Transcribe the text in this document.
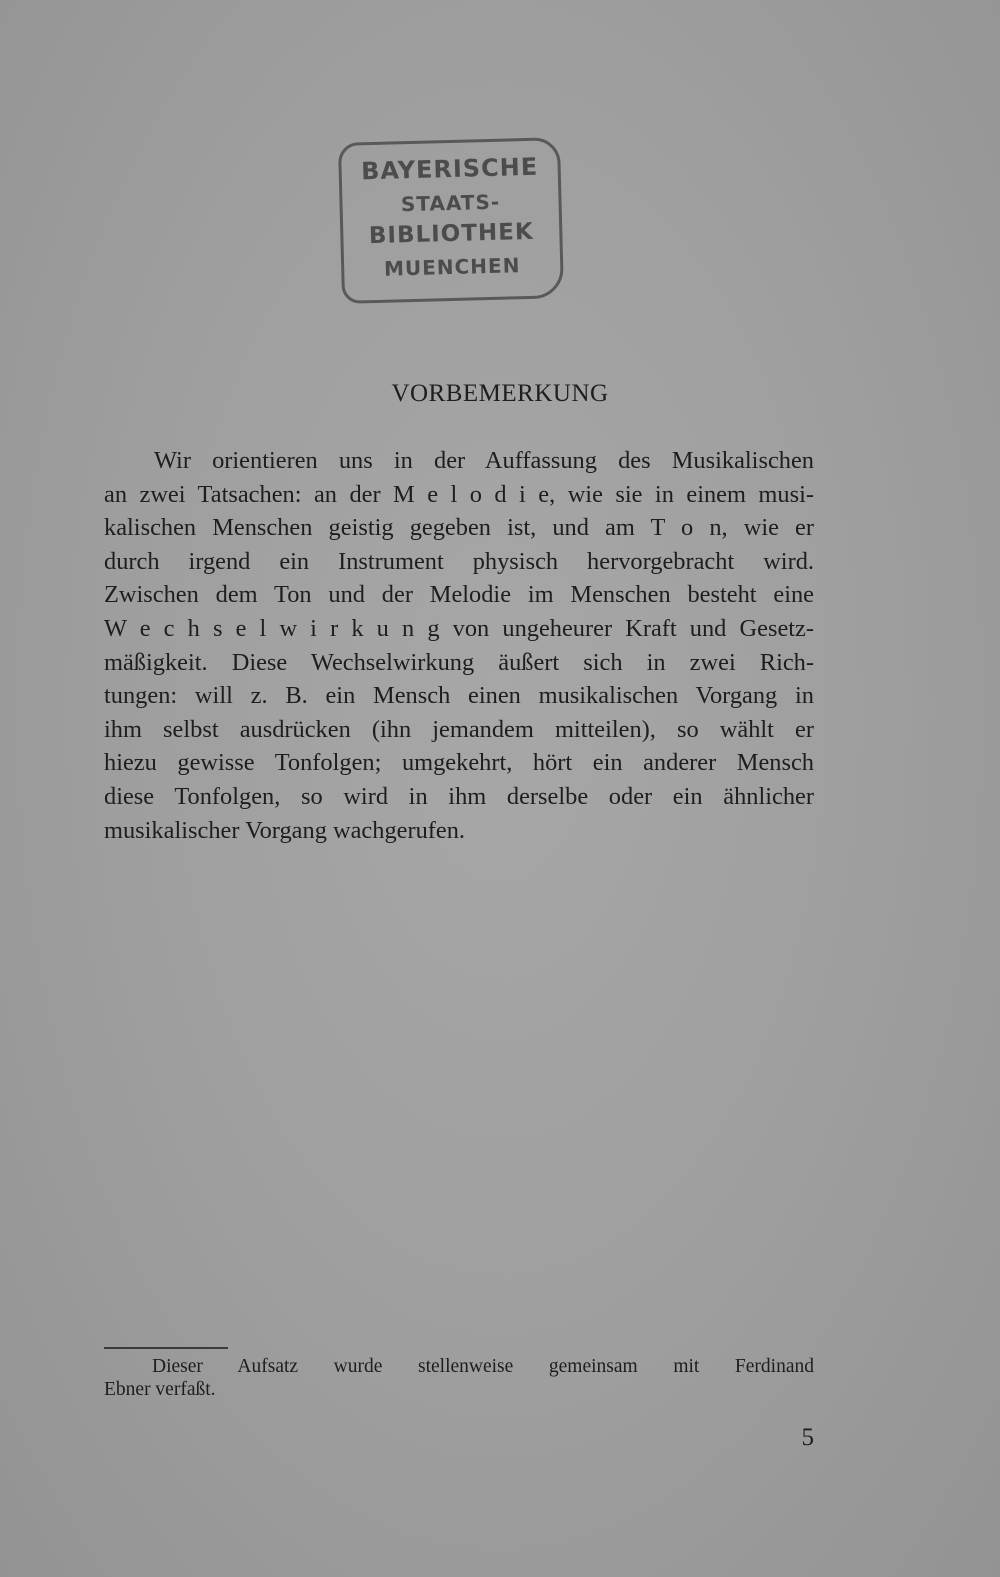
BAYERISCHE
STAATS-
BIBLIOTHEK
MUENCHEN
VORBEMERKUNG
Wir orientieren uns in der Auffassung des Musikalischen
an zwei Tatsachen: an der M e l o d i e, wie sie in einem musi-
kalischen Menschen geistig gegeben ist, und am T o n, wie er
durch irgend ein Instrument physisch hervorgebracht wird.
Zwischen dem Ton und der Melodie im Menschen besteht eine
W e c h s e l w i r k u n g von ungeheurer Kraft und Gesetz-
mäßigkeit. Diese Wechselwirkung äußert sich in zwei Rich-
tungen: will z. B. ein Mensch einen musikalischen Vorgang in
ihm selbst ausdrücken (ihn jemandem mitteilen), so wählt er
hiezu gewisse Tonfolgen; umgekehrt, hört ein anderer Mensch
diese Tonfolgen, so wird in ihm derselbe oder ein ähnlicher
musikalischer Vorgang wachgerufen.
Dieser Aufsatz wurde stellenweise gemeinsam mit Ferdinand
Ebner verfaßt.
5
